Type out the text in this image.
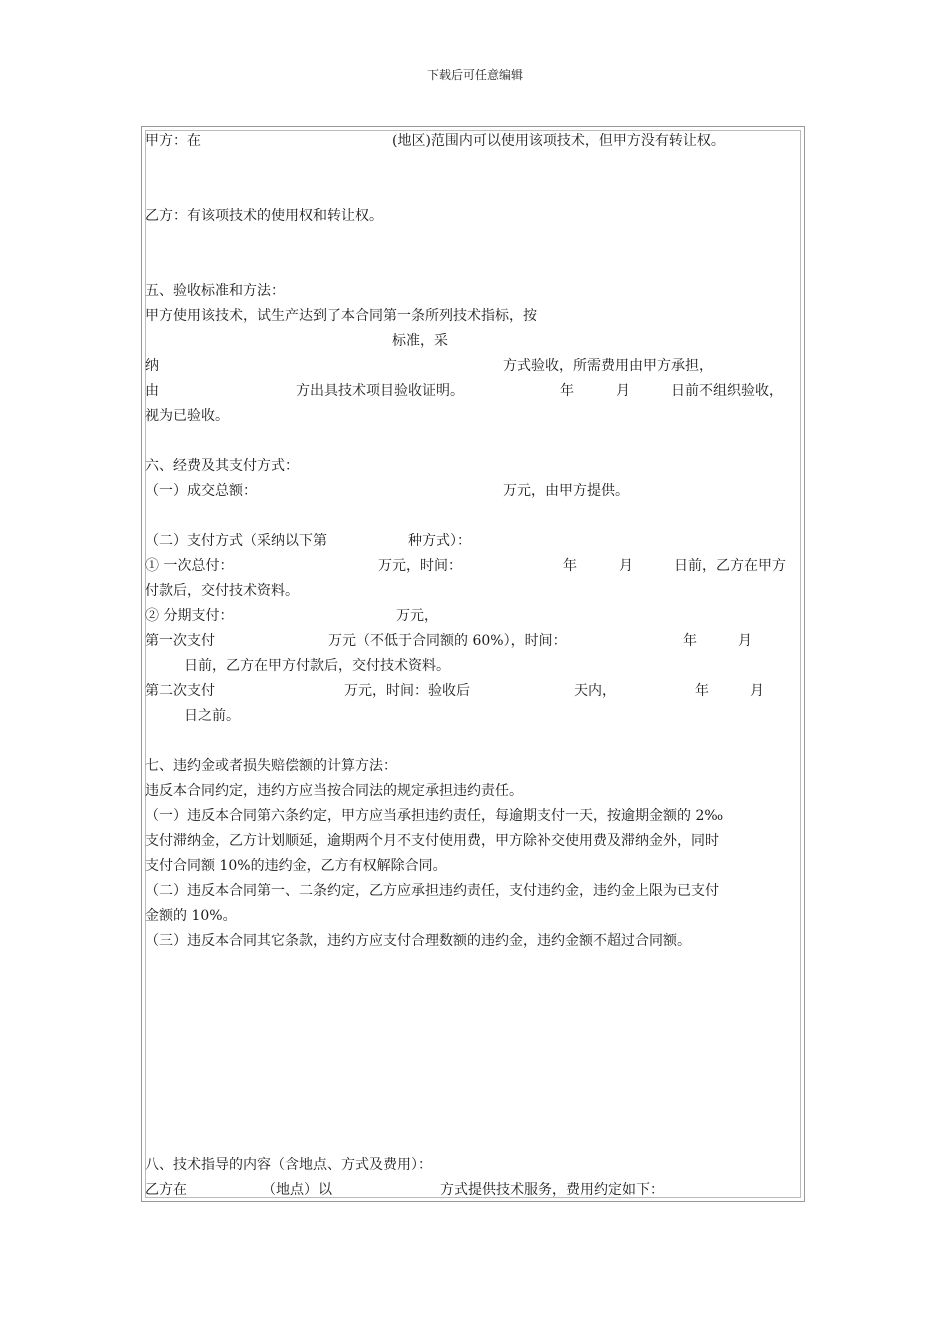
下载后可任意编辑
甲方：在	(地区)范围内可以使用该项技术，但甲方没有转让权。
乙方：有该项技术的使用权和转让权。
五、验收标准和方法：
甲方使用该技术，试生产达到了本合同第一条所列技术指标，按
标准，采
纳	方式验收，所需费用由甲方承担，
由	方出具技术项目验收证明。	年	月	日前不组织验收，
视为已验收。
六、经费及其支付方式：
（一）成交总额：	万元，由甲方提供。
（二）支付方式（采纳以下第	种方式）：
① 一次总付：	万元，时间：	年	月	日前，乙方在甲方
付款后，交付技术资料。
② 分期支付：	万元，
第一次支付	万元（不低于合同额的 60%），时间：	年	月
日前，乙方在甲方付款后，交付技术资料。
第二次支付	万元，时间：验收后	天内，	年	月
日之前。
七、违约金或者损失赔偿额的计算方法：
违反本合同约定，违约方应当按合同法的规定承担违约责任。
（一）违反本合同第六条约定，甲方应当承担违约责任，每逾期支付一天，按逾期金额的 2‰
支付滞纳金，乙方计划顺延，逾期两个月不支付使用费，甲方除补交使用费及滞纳金外，同时
支付合同额 10%的违约金，乙方有权解除合同。
（二）违反本合同第一、二条约定，乙方应承担违约责任，支付违约金，违约金上限为已支付
金额的 10%。
（三）违反本合同其它条款，违约方应支付合理数额的违约金，违约金额不超过合同额。
八、技术指导的内容（含地点、方式及费用）：
乙方在	（地点）以	方式提供技术服务，费用约定如下：
